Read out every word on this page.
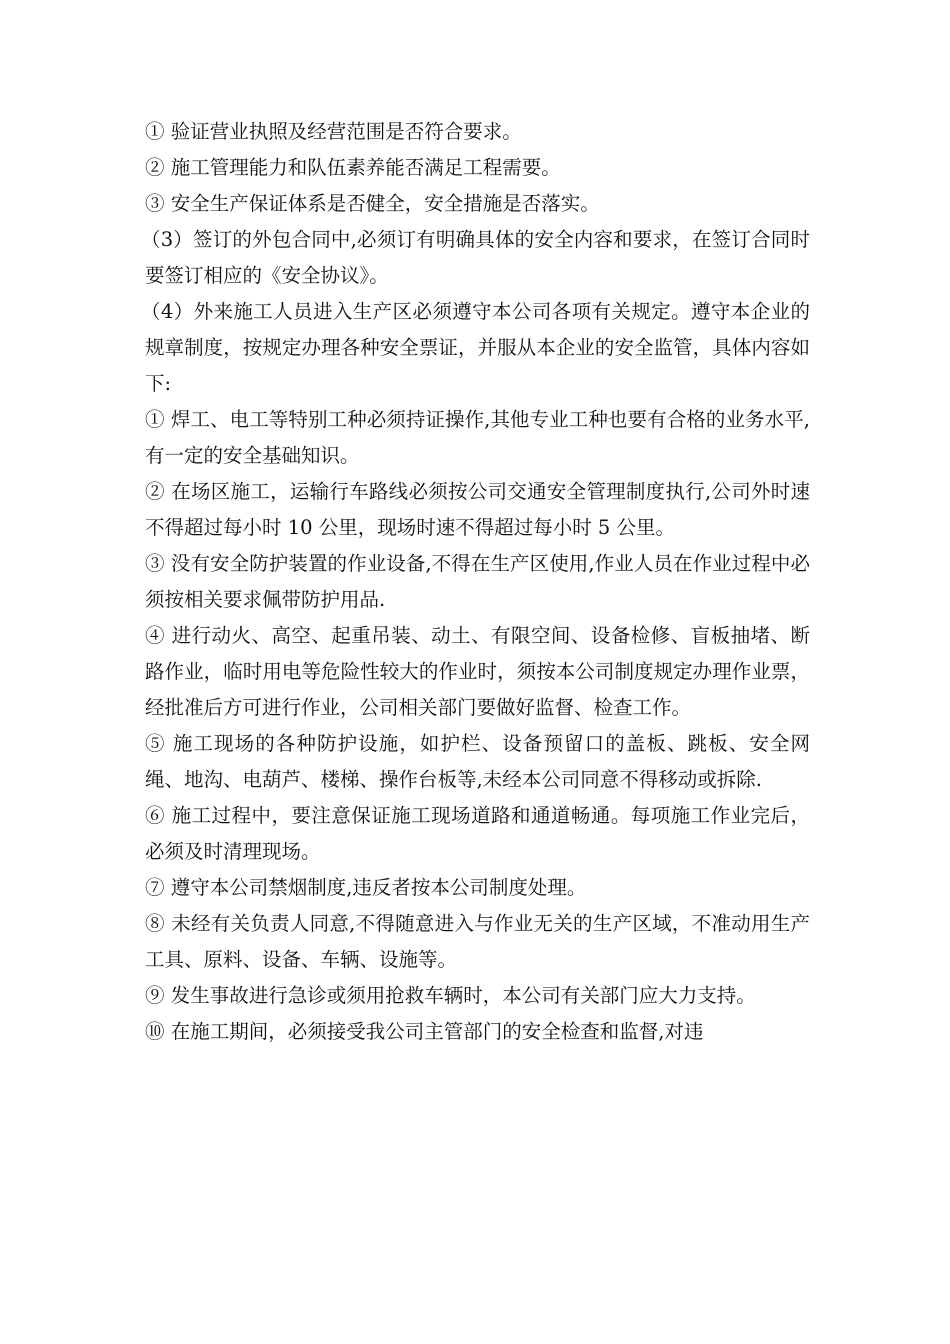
① 验证营业执照及经营范围是否符合要求。

② 施工管理能力和队伍素养能否满足工程需要。

③ 安全生产保证体系是否健全，安全措施是否落实。

（3）签订的外包合同中,必须订有明确具体的安全内容和要求，在签订合同时要签订相应的《安全协议》。

（4）外来施工人员进入生产区必须遵守本公司各项有关规定。遵守本企业的规章制度，按规定办理各种安全票证，并服从本企业的安全监管，具体内容如下:

① 焊工、电工等特别工种必须持证操作,其他专业工种也要有合格的业务水平,有一定的安全基础知识。

② 在场区施工，运输行车路线必须按公司交通安全管理制度执行,公司外时速不得超过每小时 10 公里，现场时速不得超过每小时 5 公里。

③ 没有安全防护装置的作业设备,不得在生产区使用,作业人员在作业过程中必须按相关要求佩带防护用品.

④ 进行动火、高空、起重吊装、动土、有限空间、设备检修、盲板抽堵、断路作业，临时用电等危险性较大的作业时，须按本公司制度规定办理作业票，经批准后方可进行作业，公司相关部门要做好监督、检查工作。

⑤ 施工现场的各种防护设施，如护栏、设备预留口的盖板、跳板、安全网绳、地沟、电葫芦、楼梯、操作台板等,未经本公司同意不得移动或拆除.

⑥ 施工过程中，要注意保证施工现场道路和通道畅通。每项施工作业完后，必须及时清理现场。

⑦ 遵守本公司禁烟制度,违反者按本公司制度处理。

⑧ 未经有关负责人同意,不得随意进入与作业无关的生产区域，不准动用生产工具、原料、设备、车辆、设施等。

⑨ 发生事故进行急诊或须用抢救车辆时，本公司有关部门应大力支持。

⑩ 在施工期间，必须接受我公司主管部门的安全检查和监督,对违
